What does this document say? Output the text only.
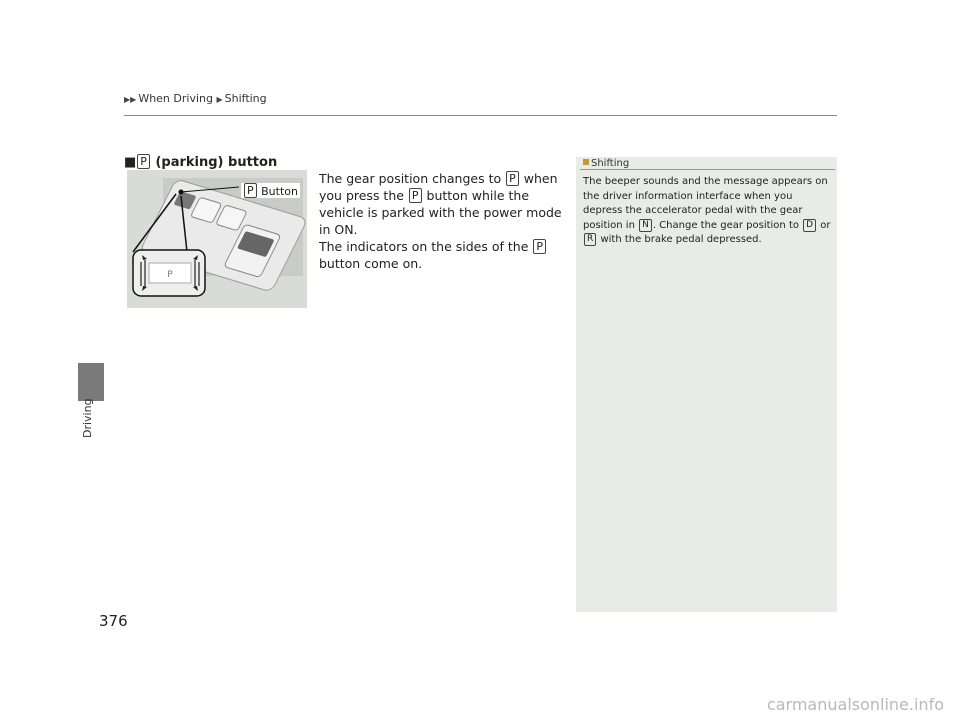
▶▶ When Driving ▶ Shifting
Driving
■ P (parking) button
P
P Button
The gear position changes to P when you press the P button while the vehicle is parked with the power mode in ON.
The indicators on the sides of the P button come on.
Shifting
The beeper sounds and the message appears on the driver information interface when you depress the accelerator pedal with the gear position in N . Change the gear position to D or R with the brake pedal depressed.
376
carmanualsonline.info
